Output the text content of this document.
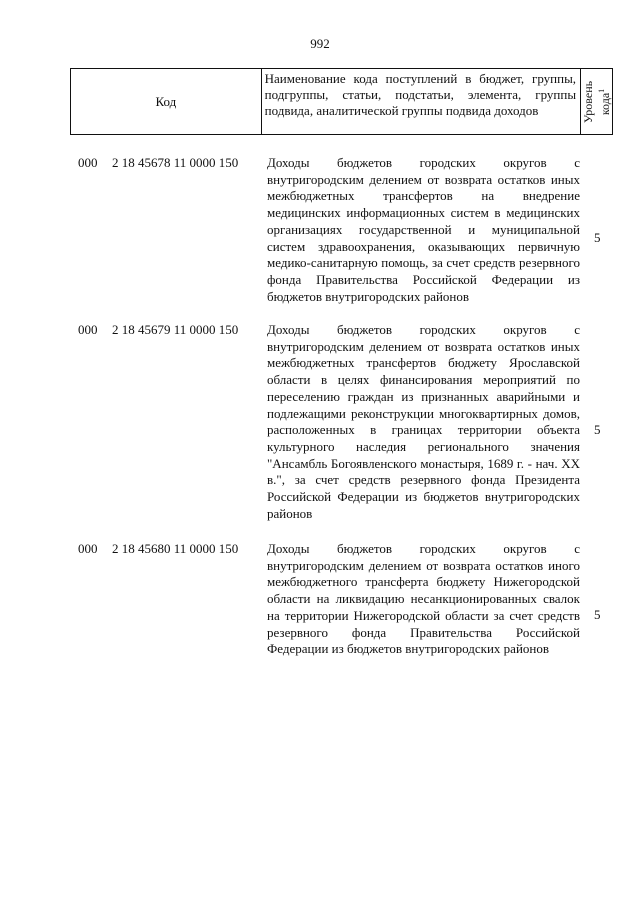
992
Код
Наименование кода поступлений в бюджет, группы, подгруппы, статьи, подстатьи, элемента, группы подвида, аналитической группы подвида доходов	Уровень кода$^1$
000 2 18 45678 11 0000 150 Доходы бюджетов городских округов с внутригородским делением от возврата остатков иных межбюджетных трансфертов на внедрение медицинских информационных систем в медицинских организациях государственной и муниципальной систем здравоохранения, оказывающих первичную медико-санитарную помощь, за счет средств резервного фонда Правительства Российской Федерации из бюджетов внутригородских районов
5
000 2 18 45679 11 0000 150 Доходы бюджетов городских округов с внутригородским делением от возврата остатков иных межбюджетных трансфертов бюджету Ярославской области в целях финансирования мероприятий по переселению граждан из признанных аварийными и подлежащими реконструкции многоквартирных домов, расположенных в границах территории объекта культурного наследия регионального значения "Ансамбль Богоявленского монастыря, 1689 г. - нач. XX в.", за счет средств резервного фонда Президента Российской Федерации из бюджетов внутригородских районов
5
000 2 18 45680 11 0000 150 Доходы бюджетов городских округов с внутригородским делением от возврата остатков иного межбюджетного трансферта бюджету Нижегородской области на ликвидацию несанкционированных свалок на территории Нижегородской области за счет средств резервного фонда Правительства Российской Федерации из бюджетов внутригородских районов
5
